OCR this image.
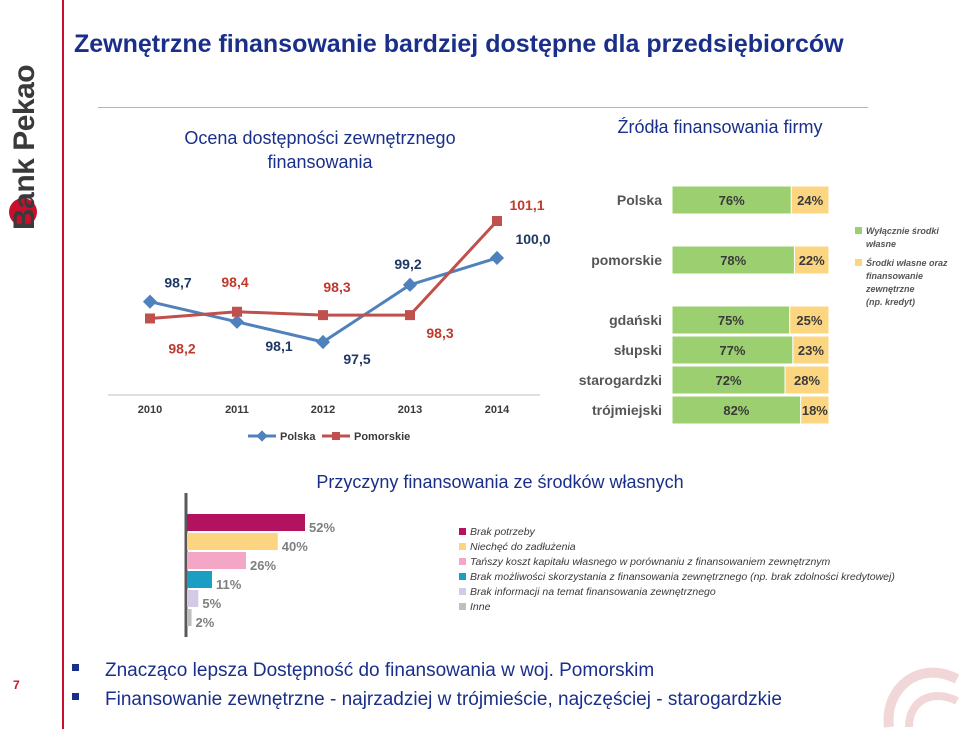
Bank Pekao
7
Zewnętrzne finansowanie bardziej dostępne dla przedsiębiorców
Ocena dostępności zewnętrznego finansowania
Źródła finansowania firmy
Przyczyny finansowania ze środków własnych
2010	2011	2012	2013	2014
98,7
98,1
97,5
99,2
100,0
98,2
98,4	98,3
98,3
101,1
Polska	Pomorskie
Polska	76%	24%
pomorskie	78%	22%
gdański	75%	25%
słupski	77%	23%
starogardzki	72%	28%
trójmiejski	82%	18%
Wyłącznie środki
własne
Środki własne oraz
finansowanie
zewnętrzne
(np. kredyt)
52%
40%
26%
11%
5%
2%
Brak potrzeby
Niechęć do zadłużenia
Tańszy koszt kapitału własnego w porównaniu z finansowaniem zewnętrznym
Brak możliwości skorzystania z finansowania zewnętrznego (np. brak zdolności kredytowej)
Brak informacji na temat finansowania zewnętrznego
Inne
Znacząco lepsza Dostępność do finansowania w woj. Pomorskim
Finansowanie zewnętrzne - najrzadziej w trójmieście, najczęściej - starogardzkie
